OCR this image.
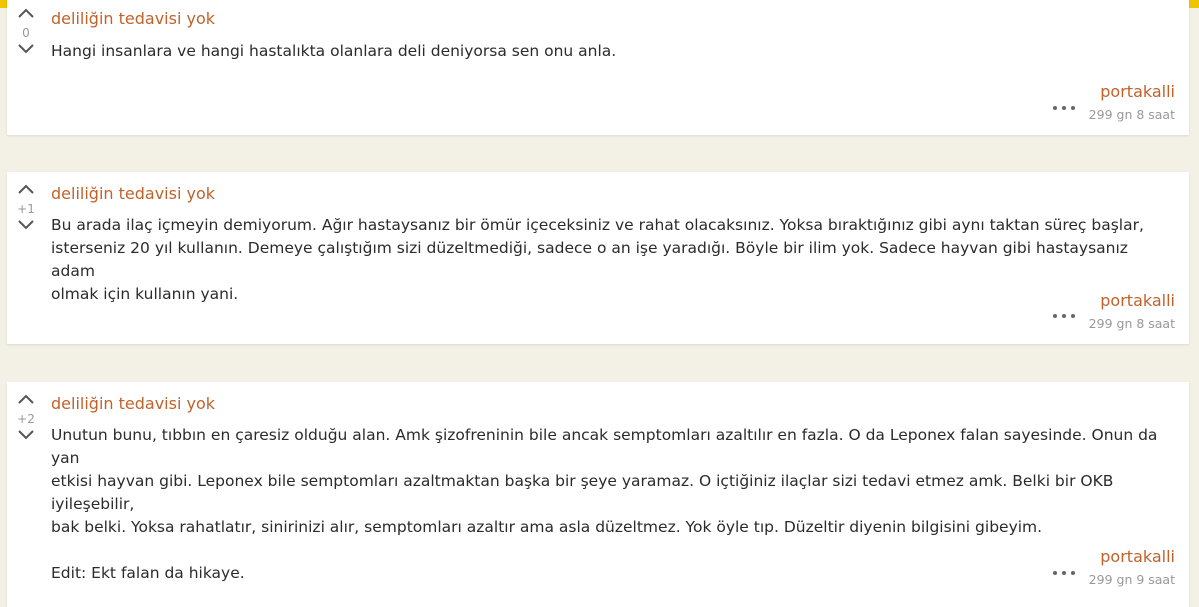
0
deliliğin tedavisi yok
Hangi insanlara ve hangi hastalıkta olanlara deli deniyorsa sen onu anla.
portakalli
299 gn 8 saat
+1
deliliğin tedavisi yok
Bu arada ilaç içmeyin demiyorum. Ağır hastaysanız bir ömür içeceksiniz ve rahat olacaksınız. Yoksa bıraktığınız gibi aynı taktan süreç başlar,
isterseniz 20 yıl kullanın. Demeye çalıştığım sizi düzeltmediği, sadece o an işe yaradığı. Böyle bir ilim yok. Sadece hayvan gibi hastaysanız adam
olmak için kullanın yani.	portakalli
299 gn 8 saat
+2
deliliğin tedavisi yok
Unutun bunu, tıbbın en çaresiz olduğu alan. Amk şizofreninin bile ancak semptomları azaltılır en fazla. O da Leponex falan sayesinde. Onun da yan
etkisi hayvan gibi. Leponex bile semptomları azaltmaktan başka bir şeye yaramaz. O içtiğiniz ilaçlar sizi tedavi etmez amk. Belki bir OKB iyileşebilir,
bak belki. Yoksa rahatlatır, sinirinizi alır, semptomları azaltır ama asla düzeltmez. Yok öyle tıp. Düzeltir diyenin bilgisini gibeyim.

Edit: Ekt falan da hikaye.
portakalli
299 gn 9 saat
